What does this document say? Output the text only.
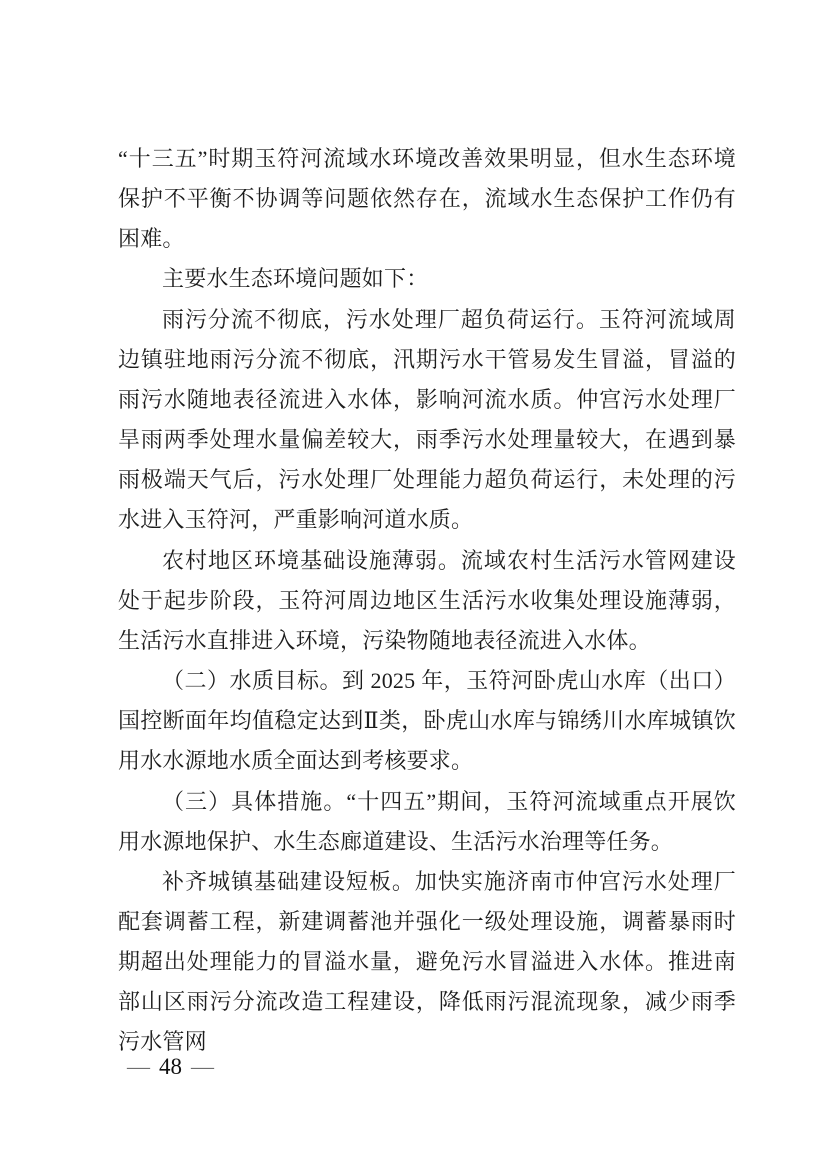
“十三五”时期玉符河流域水环境改善效果明显，但水生态环境保护不平衡不协调等问题依然存在，流域水生态保护工作仍有困难。

主要水生态环境问题如下：

雨污分流不彻底，污水处理厂超负荷运行。玉符河流域周边镇驻地雨污分流不彻底，汛期污水干管易发生冒溢，冒溢的雨污水随地表径流进入水体，影响河流水质。仲宫污水处理厂旱雨两季处理水量偏差较大，雨季污水处理量较大，在遇到暴雨极端天气后，污水处理厂处理能力超负荷运行，未处理的污水进入玉符河，严重影响河道水质。

农村地区环境基础设施薄弱。流域农村生活污水管网建设处于起步阶段，玉符河周边地区生活污水收集处理设施薄弱，生活污水直排进入环境，污染物随地表径流进入水体。

（二）水质目标。到 2025 年，玉符河卧虎山水库（出口）国控断面年均值稳定达到Ⅱ类，卧虎山水库与锦绣川水库城镇饮用水水源地水质全面达到考核要求。

（三）具体措施。“十四五”期间，玉符河流域重点开展饮用水源地保护、水生态廊道建设、生活污水治理等任务。

补齐城镇基础建设短板。加快实施济南市仲宫污水处理厂配套调蓄工程，新建调蓄池并强化一级处理设施，调蓄暴雨时期超出处理能力的冒溢水量，避免污水冒溢进入水体。推进南部山区雨污分流改造工程建设，降低雨污混流现象，减少雨季污水管网

— 48 —
